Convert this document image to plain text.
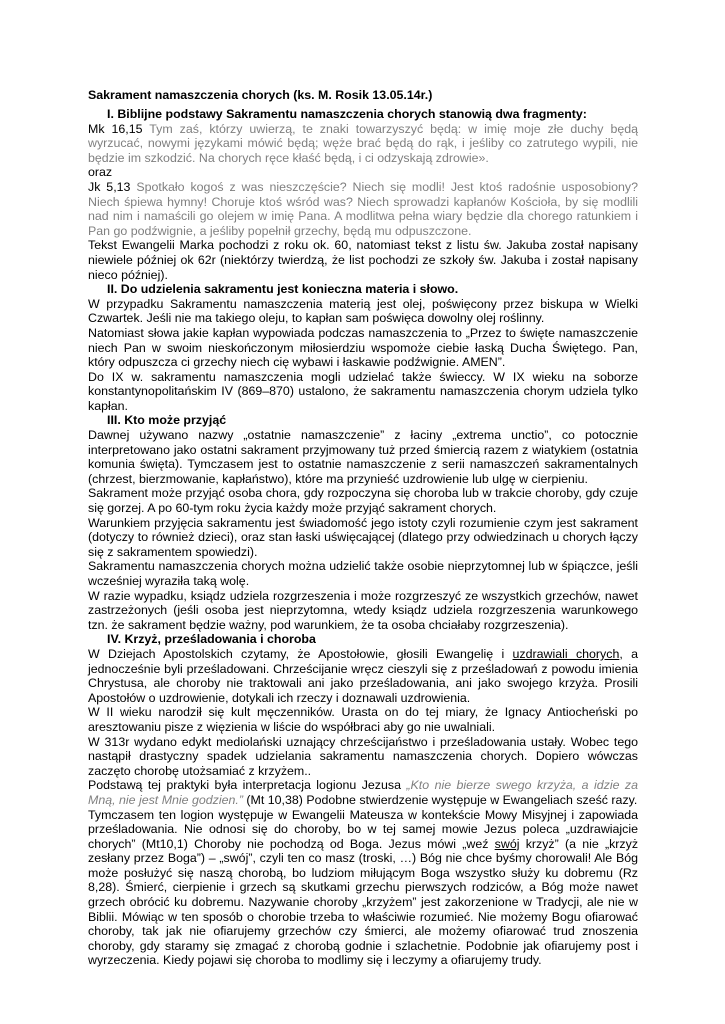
Sakrament namaszczenia chorych (ks. M. Rosik 13.05.14r.)

I. Biblijne podstawy Sakramentu namaszczenia chorych stanowią dwa fragmenty:

Mk 16,15 Tym zaś, którzy uwierzą, te znaki towarzyszyć będą: w imię moje złe duchy będą wyrzucać, nowymi językami mówić będą; węże brać będą do rąk, i jeśliby co zatrutego wypili, nie będzie im szkodzić. Na chorych ręce kłaść będą, i ci odzyskają zdrowie».

oraz

Jk 5,13 Spotkało kogoś z was nieszczęście? Niech się modli! Jest ktoś radośnie usposobiony? Niech śpiewa hymny! Choruje ktoś wśród was? Niech sprowadzi kapłanów Kościoła, by się modlili nad nim i namaścili go olejem w imię Pana. A modlitwa pełna wiary będzie dla chorego ratunkiem i Pan go podźwignie, a jeśliby popełnił grzechy, będą mu odpuszczone.

Tekst Ewangelii Marka pochodzi z roku ok. 60, natomiast tekst z listu św. Jakuba został napisany niewiele później ok 62r (niektórzy twierdzą, że list pochodzi ze szkoły św. Jakuba i został napisany nieco później).

II. Do udzielenia sakramentu jest konieczna materia i słowo.

W przypadku Sakramentu namaszczenia materią jest olej, poświęcony przez biskupa w Wielki Czwartek. Jeśli nie ma takiego oleju, to kapłan sam poświęca dowolny olej roślinny.

Natomiast słowa jakie kapłan wypowiada podczas namaszczenia to „Przez to święte namaszczenie niech Pan w swoim nieskończonym miłosierdziu wspomoże ciebie łaską Ducha Świętego. Pan, który odpuszcza ci grzechy niech cię wybawi i łaskawie podźwignie. AMEN”.

Do IX w. sakramentu namaszczenia mogli udzielać także świeccy. W IX wieku na soborze konstantynopolitańskim IV (869–870) ustalono, że sakramentu namaszczenia chorym udziela tylko kapłan.

III. Kto może przyjąć

Dawnej używano nazwy „ostatnie namaszczenie” z łaciny „extrema unctio”, co potocznie interpretowano jako ostatni sakrament przyjmowany tuż przed śmiercią razem z wiatykiem (ostatnia komunia święta). Tymczasem jest to ostatnie namaszczenie z serii namaszczeń sakramentalnych (chrzest, bierzmowanie, kapłaństwo), które ma przynieść uzdrowienie lub ulgę w cierpieniu.

Sakrament może przyjąć osoba chora, gdy rozpoczyna się choroba lub w trakcie choroby, gdy czuje się gorzej. A po 60-tym roku życia każdy może przyjąć sakrament chorych.

Warunkiem przyjęcia sakramentu jest świadomość jego istoty czyli rozumienie czym jest sakrament (dotyczy to również dzieci), oraz stan łaski uświęcającej (dlatego przy odwiedzinach u chorych łączy się z sakramentem spowiedzi).

Sakramentu namaszczenia chorych można udzielić także osobie nieprzytomnej lub w śpiączce, jeśli wcześniej wyraziła taką wolę.

W razie wypadku, ksiądz udziela rozgrzeszenia i może rozgrzeszyć ze wszystkich grzechów, nawet zastrzeżonych (jeśli osoba jest nieprzytomna, wtedy ksiądz udziela rozgrzeszenia warunkowego tzn. że sakrament będzie ważny, pod warunkiem, że ta osoba chciałaby rozgrzeszenia).

IV. Krzyż, prześladowania i choroba

W Dziejach Apostolskich czytamy, że Apostołowie, głosili Ewangelię i uzdrawiali chorych, a jednocześnie byli prześladowani. Chrześcijanie wręcz cieszyli się z prześladowań z powodu imienia Chrystusa, ale choroby nie traktowali ani jako prześladowania, ani jako swojego krzyża. Prosili Apostołów o uzdrowienie, dotykali ich rzeczy i doznawali uzdrowienia.

W II wieku narodził się kult męczenników. Urasta on do tej miary, że Ignacy Antiocheński po aresztowaniu pisze z więzienia w liście do współbraci aby go nie uwalniali.

W 313r wydano edykt mediolański uznający chrześcijaństwo i prześladowania ustały. Wobec tego nastąpił drastyczny spadek udzielania sakramentu namaszczenia chorych. Dopiero wówczas zaczęto chorobę utożsamiać z krzyżem..

Podstawą tej praktyki była interpretacja logionu Jezusa „Kto nie bierze swego krzyża, a idzie za Mną, nie jest Mnie godzien.” (Mt 10,38) Podobne stwierdzenie występuje w Ewangeliach sześć razy.

Tymczasem ten logion występuje w Ewangelii Mateusza w kontekście Mowy Misyjnej i zapowiada prześladowania. Nie odnosi się do choroby, bo w tej samej mowie Jezus poleca „uzdrawiajcie chorych” (Mt10,1) Choroby nie pochodzą od Boga. Jezus mówi „weź swój krzyż” (a nie „krzyż zesłany przez Boga”) – „swój”, czyli ten co masz (troski, …) Bóg nie chce byśmy chorowali! Ale Bóg może posłużyć się naszą chorobą, bo ludziom miłującym Boga wszystko służy ku dobremu (Rz 8,28). Śmierć, cierpienie i grzech są skutkami grzechu pierwszych rodziców, a Bóg może nawet grzech obrócić ku dobremu. Nazywanie choroby „krzyżem” jest zakorzenione w Tradycji, ale nie w Biblii. Mówiąc w ten sposób o chorobie trzeba to właściwie rozumieć. Nie możemy Bogu ofiarować choroby, tak jak nie ofiarujemy grzechów czy śmierci, ale możemy ofiarować trud znoszenia choroby, gdy staramy się zmagać z chorobą godnie i szlachetnie. Podobnie jak ofiarujemy post i wyrzeczenia. Kiedy pojawi się choroba to modlimy się i leczymy a ofiarujemy trudy.
